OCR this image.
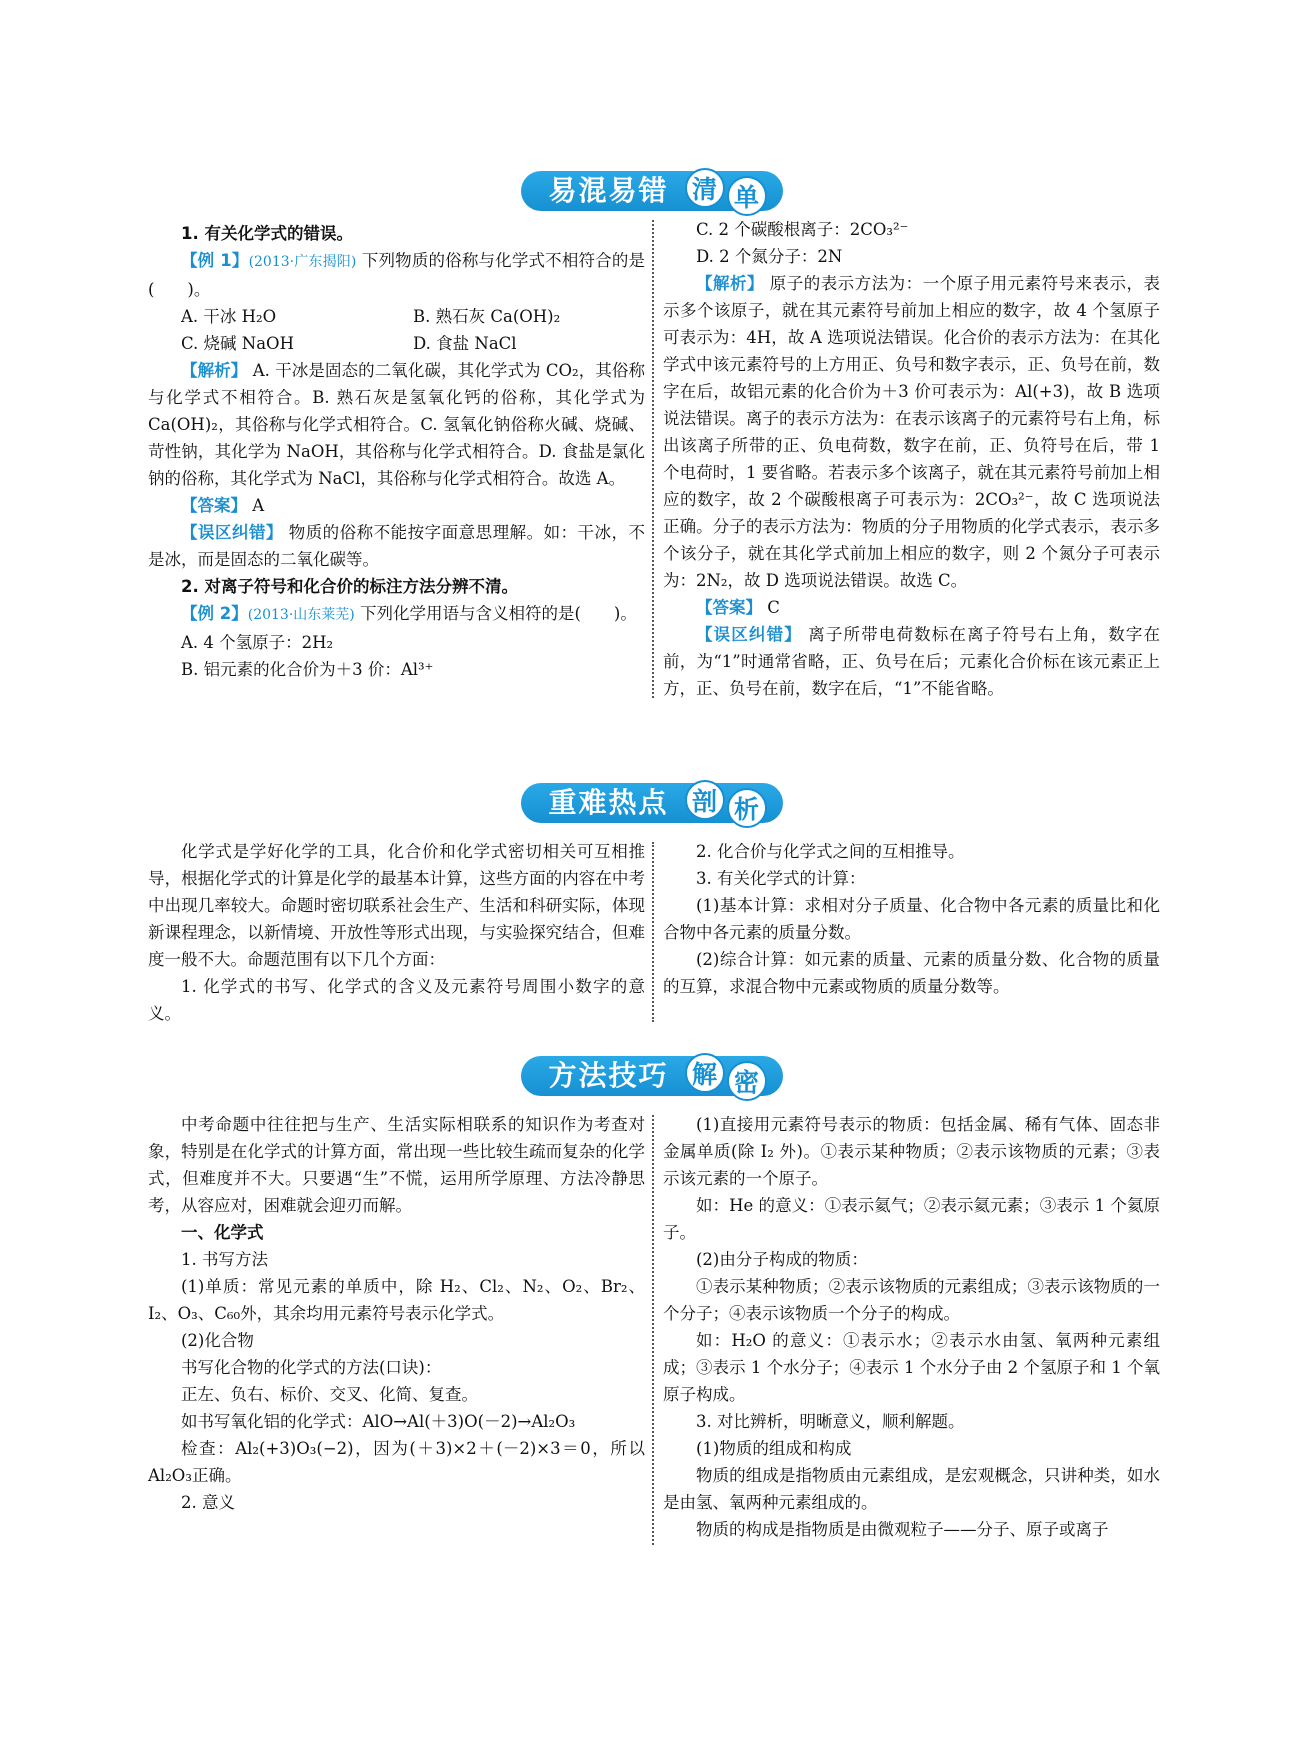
易混易错 清 单

1. 有关化学式的错误。

【例 1】(2013·广东揭阳) 下列物质的俗称与化学式不相符合的是(　　)。

A. 干冰 H₂O	B. 熟石灰 Ca(OH)₂
C. 烧碱 NaOH	D. 食盐 NaCl

【解析】 A. 干冰是固态的二氧化碳，其化学式为 CO₂，其俗称与化学式不相符合。B. 熟石灰是氢氧化钙的俗称，其化学式为 Ca(OH)₂，其俗称与化学式相符合。C. 氢氧化钠俗称火碱、烧碱、苛性钠，其化学为 NaOH，其俗称与化学式相符合。D. 食盐是氯化钠的俗称，其化学式为 NaCl，其俗称与化学式相符合。故选 A。

【答案】 A

【误区纠错】 物质的俗称不能按字面意思理解。如：干冰，不是冰，而是固态的二氧化碳等。

2. 对离子符号和化合价的标注方法分辨不清。

【例 2】(2013·山东莱芜) 下列化学用语与含义相符的是(　　)。

A. 4 个氢原子：2H₂

B. 铝元素的化合价为＋3 价：Al³⁺

C. 2 个碳酸根离子：2CO₃²⁻

D. 2 个氮分子：2N

【解析】 原子的表示方法为：一个原子用元素符号来表示，表示多个该原子，就在其元素符号前加上相应的数字，故 4 个氢原子可表示为：4H，故 A 选项说法错误。化合价的表示方法为：在其化学式中该元素符号的上方用正、负号和数字表示，正、负号在前，数字在后，故铝元素的化合价为＋3 价可表示为：Al(+3)，故 B 选项说法错误。离子的表示方法为：在表示该离子的元素符号右上角，标出该离子所带的正、负电荷数，数字在前，正、负符号在后，带 1 个电荷时，1 要省略。若表示多个该离子，就在其元素符号前加上相应的数字，故 2 个碳酸根离子可表示为：2CO₃²⁻，故 C 选项说法正确。分子的表示方法为：物质的分子用物质的化学式表示，表示多个该分子，就在其化学式前加上相应的数字，则 2 个氮分子可表示为：2N₂，故 D 选项说法错误。故选 C。

【答案】 C

【误区纠错】 离子所带电荷数标在离子符号右上角，数字在前，为“1”时通常省略，正、负号在后；元素化合价标在该元素正上方，正、负号在前，数字在后，“1”不能省略。

重难热点 剖 析

化学式是学好化学的工具，化合价和化学式密切相关可互相推导，根据化学式的计算是化学的最基本计算，这些方面的内容在中考中出现几率较大。命题时密切联系社会生产、生活和科研实际，体现新课程理念，以新情境、开放性等形式出现，与实验探究结合，但难度一般不大。命题范围有以下几个方面：

1. 化学式的书写、化学式的含义及元素符号周围小数字的意义。

2. 化合价与化学式之间的互相推导。

3. 有关化学式的计算：

(1)基本计算：求相对分子质量、化合物中各元素的质量比和化合物中各元素的质量分数。

(2)综合计算：如元素的质量、元素的质量分数、化合物的质量的互算，求混合物中元素或物质的质量分数等。

方法技巧 解 密

中考命题中往往把与生产、生活实际相联系的知识作为考查对象，特别是在化学式的计算方面，常出现一些比较生疏而复杂的化学式，但难度并不大。只要遇“生”不慌，运用所学原理、方法冷静思考，从容应对，困难就会迎刃而解。

一、化学式

1. 书写方法

(1)单质：常见元素的单质中，除 H₂、Cl₂、N₂、O₂、Br₂、I₂、O₃、C₆₀外，其余均用元素符号表示化学式。

(2)化合物

书写化合物的化学式的方法(口诀)：

正左、负右、标价、交叉、化简、复查。

如书写氧化铝的化学式：AlO→Al(＋3)O(－2)→Al₂O₃

检查：Al₂(+3)O₃(−2)，因为(＋3)×2＋(－2)×3＝0，所以 Al₂O₃正确。

2. 意义

(1)直接用元素符号表示的物质：包括金属、稀有气体、固态非金属单质(除 I₂ 外)。①表示某种物质；②表示该物质的元素；③表示该元素的一个原子。

如：He 的意义：①表示氦气；②表示氦元素；③表示 1 个氦原子。

(2)由分子构成的物质：

①表示某种物质；②表示该物质的元素组成；③表示该物质的一个分子；④表示该物质一个分子的构成。

如：H₂O 的意义：①表示水；②表示水由氢、氧两种元素组成；③表示 1 个水分子；④表示 1 个水分子由 2 个氢原子和 1 个氧原子构成。

3. 对比辨析，明晰意义，顺利解题。

(1)物质的组成和构成

物质的组成是指物质由元素组成，是宏观概念，只讲种类，如水是由氢、氧两种元素组成的。

物质的构成是指物质是由微观粒子——分子、原子或离子
